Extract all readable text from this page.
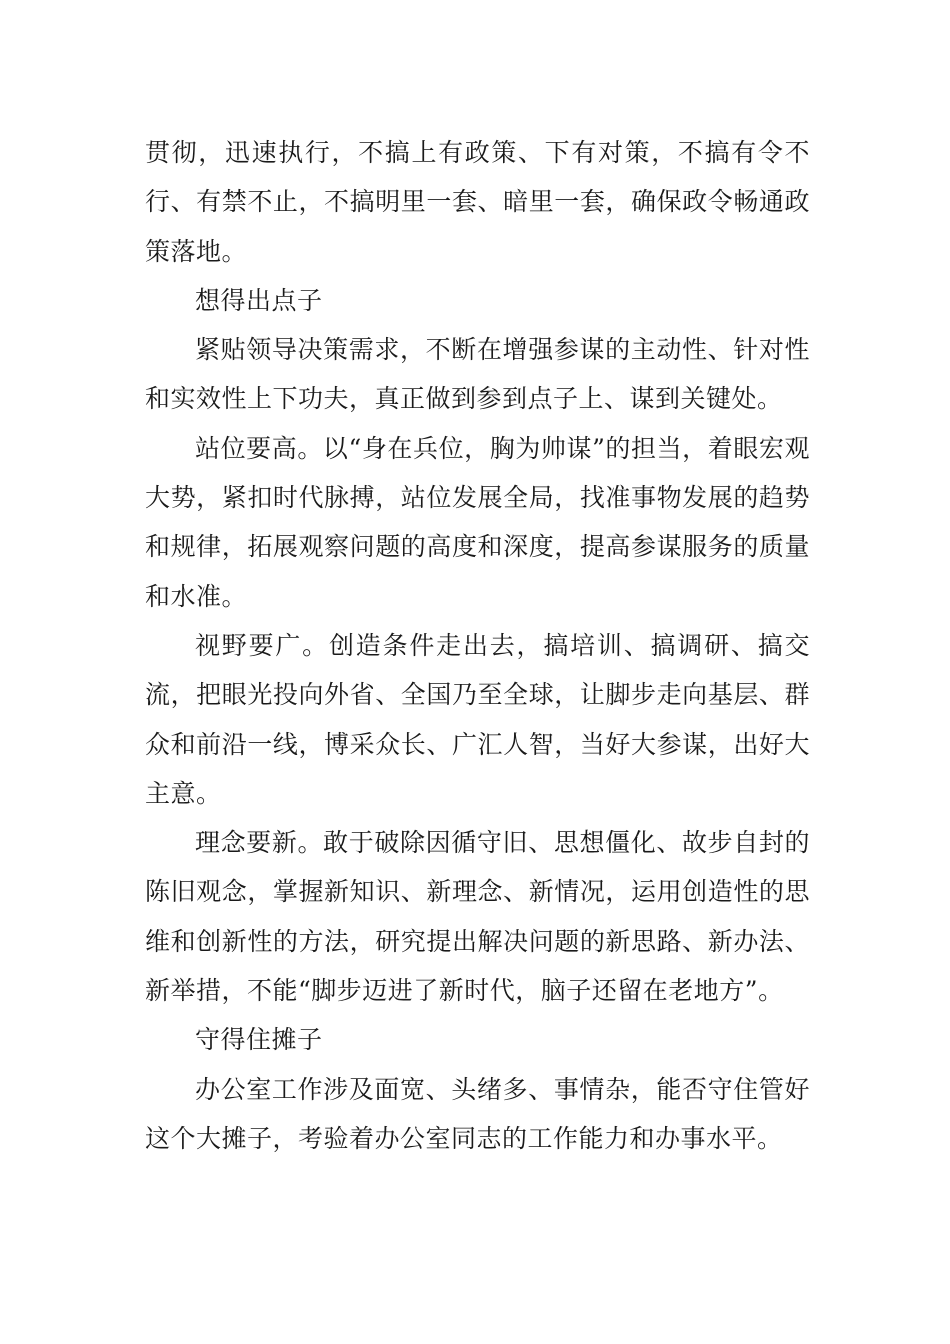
贯彻，迅速执行，不搞上有政策、下有对策，不搞有令不行、有禁不止，不搞明里一套、暗里一套，确保政令畅通政策落地。

想得出点子

紧贴领导决策需求，不断在增强参谋的主动性、针对性和实效性上下功夫，真正做到参到点子上、谋到关键处。

站位要高。以“身在兵位，胸为帅谋”的担当，着眼宏观大势，紧扣时代脉搏，站位发展全局，找准事物发展的趋势和规律，拓展观察问题的高度和深度，提高参谋服务的质量和水准。

视野要广。创造条件走出去，搞培训、搞调研、搞交流，把眼光投向外省、全国乃至全球，让脚步走向基层、群众和前沿一线，博采众长、广汇人智，当好大参谋，出好大主意。

理念要新。敢于破除因循守旧、思想僵化、故步自封的陈旧观念，掌握新知识、新理念、新情况，运用创造性的思维和创新性的方法，研究提出解决问题的新思路、新办法、新举措，不能“脚步迈进了新时代，脑子还留在老地方”。

守得住摊子

办公室工作涉及面宽、头绪多、事情杂，能否守住管好这个大摊子，考验着办公室同志的工作能力和办事水平。
